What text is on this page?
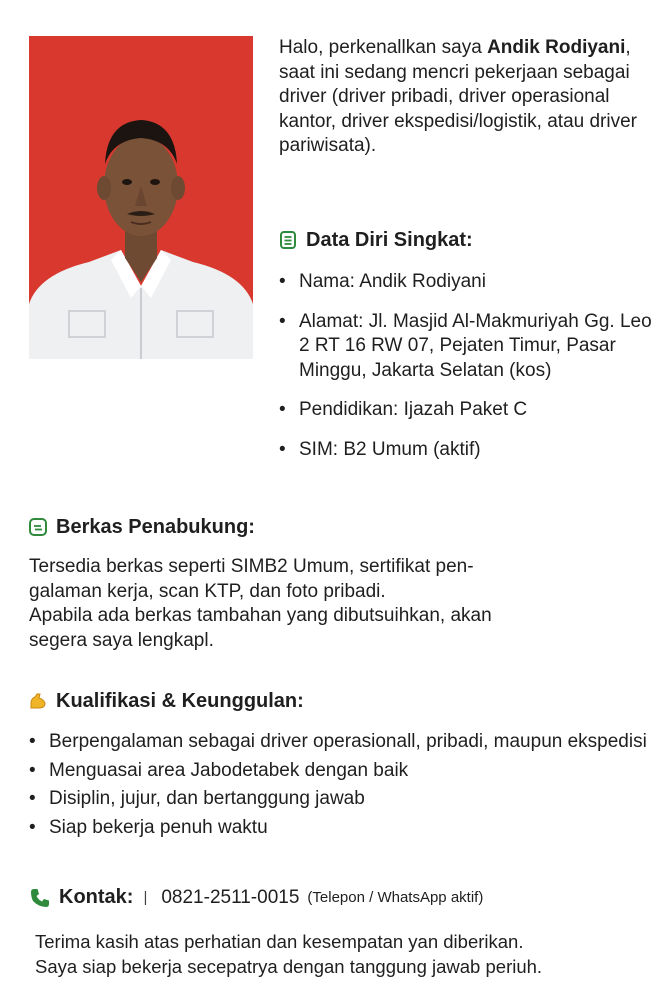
Halo, perkenallkan saya Andik Rodiyani, saat ini sedang mencri pekerjaan sebagai driver (driver pribadi, driver operasional kantor, driver ekspedisi/logistik, atau driver pariwisata).

Data Diri Singkat:
• Nama: Andik Rodiyani
• Alamat: Jl. Masjid Al-Makmuriyah Gg. Leo 2 RT 16 RW 07, Pejaten Timur, Pasar Minggu, Jakarta Selatan (kos)
• Pendidikan: Ijazah Paket C
• SIM: B2 Umum (aktif)
Berkas Penabukung:
Tersedia berkas seperti SIMB2 Umum, sertifikat pen-
galaman kerja, scan KTP, dan foto pribadi.
Apabila ada berkas tambahan yang dibutsuihkan, akan
segera saya lengkapl.
Kualifikasi & Keunggulan:
• Berpengalaman sebagai driver operasionall, pribadi, maupun ekspedisi
• Menguasai area Jabodetabek dengan baik
• Disiplin, jujur, dan bertanggung jawab
• Siap bekerja penuh waktu
Kontak: | 0821-2511-0015 (Telepon / WhatsApp aktif)
Terima kasih atas perhatian dan kesempatan yan diberikan.
Saya siap bekerja secepatrya dengan tanggung jawab periuh.
